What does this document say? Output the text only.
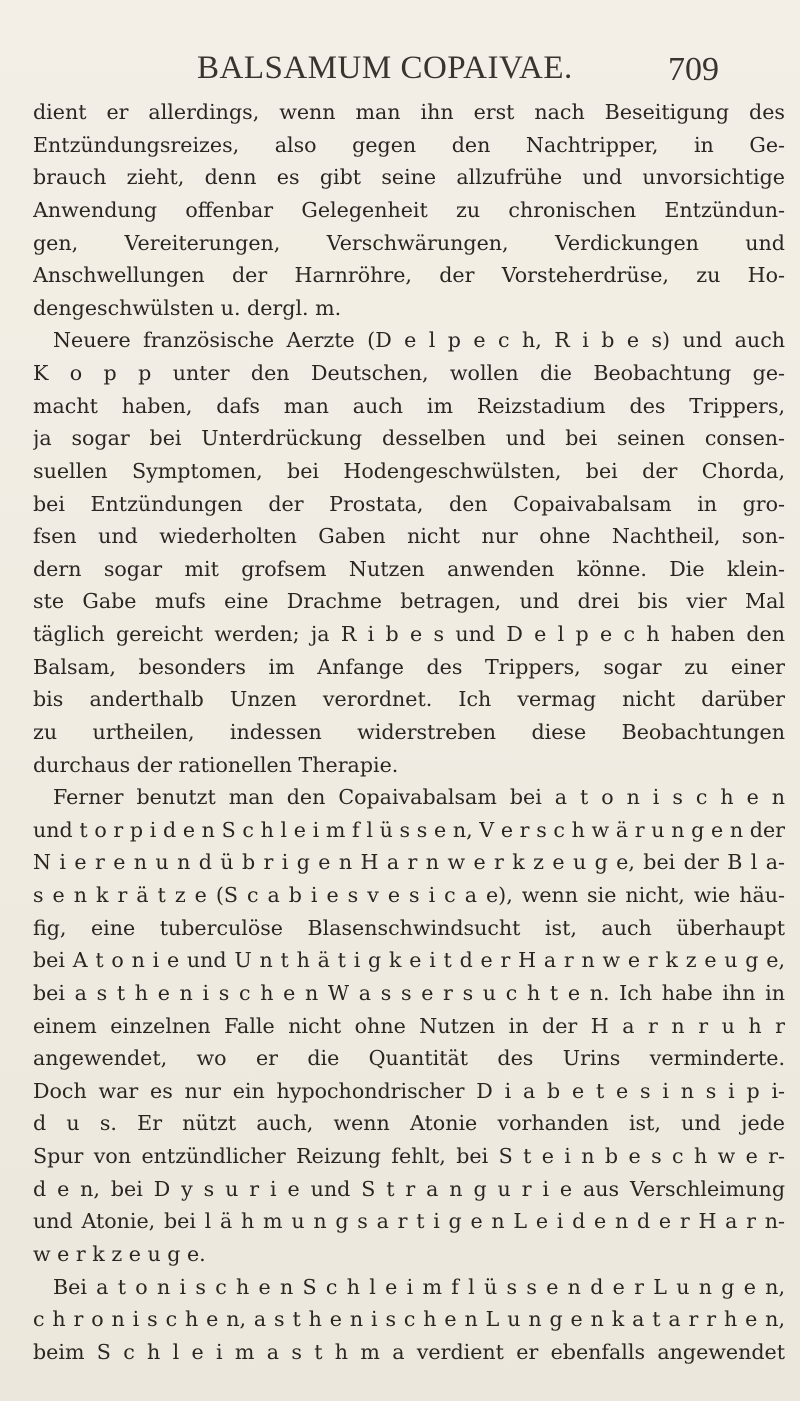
BALSAMUM COPAIVAE.	709
dient er allerdings, wenn man ihn erst nach Beseitigung des
Entzündungsreizes, also gegen den Nachtripper, in Ge-
brauch zieht, denn es gibt seine allzufrühe und unvorsichtige
Anwendung offenbar Gelegenheit zu chronischen Entzündun-
gen, Vereiterungen, Verschwärungen, Verdickungen und
Anschwellungen der Harnröhre, der Vorsteherdrüse, zu Ho-
dengeschwülsten u. dergl. m.
Neuere französische Aerzte (D e l p e c h, R i b e s) und auch
K o p p unter den Deutschen, wollen die Beobachtung ge-
macht haben, dafs man auch im Reizstadium des Trippers,
ja sogar bei Unterdrückung desselben und bei seinen consen-
suellen Symptomen, bei Hodengeschwülsten, bei der Chorda,
bei Entzündungen der Prostata, den Copaivabalsam in gro-
fsen und wiederholten Gaben nicht nur ohne Nachtheil, son-
dern sogar mit grofsem Nutzen anwenden könne. Die klein-
ste Gabe mufs eine Drachme betragen, und drei bis vier Mal
täglich gereicht werden; ja R i b e s und D e l p e c h haben den
Balsam, besonders im Anfange des Trippers, sogar zu einer
bis anderthalb Unzen verordnet. Ich vermag nicht darüber
zu urtheilen, indessen widerstreben diese Beobachtungen
durchaus der rationellen Therapie.
Ferner benutzt man den Copaivabalsam bei a t o n i s c h e n
und t o r p i d e n S c h l e i m f l ü s s e n, V e r s c h w ä r u n g e n der
N i e r e n u n d ü b r i g e n H a r n w e r k z e u g e, bei der B l a-
s e n k r ä t z e (S c a b i e s v e s i c a e), wenn sie nicht, wie häu-
fig, eine tuberculöse Blasenschwindsucht ist, auch überhaupt
bei A t o n i e und U n t h ä t i g k e i t d e r H a r n w e r k z e u g e,
bei a s t h e n i s c h e n W a s s e r s u c h t e n. Ich habe ihn in
einem einzelnen Falle nicht ohne Nutzen in der H a r n r u h r
angewendet, wo er die Quantität des Urins verminderte.
Doch war es nur ein hypochondrischer D i a b e t e s i n s i p i-
d u s. Er nützt auch, wenn Atonie vorhanden ist, und jede
Spur von entzündlicher Reizung fehlt, bei S t e i n b e s c h w e r-
d e n, bei D y s u r i e und S t r a n g u r i e aus Verschleimung
und Atonie, bei l ä h m u n g s a r t i g e n L e i d e n d e r H a r n-
w e r k z e u g e.
Bei a t o n i s c h e n S c h l e i m f l ü s s e n d e r L u n g e n,
c h r o n i s c h e n, a s t h e n i s c h e n L u n g e n k a t a r r h e n,
beim S c h l e i m a s t h m a verdient er ebenfalls angewendet
